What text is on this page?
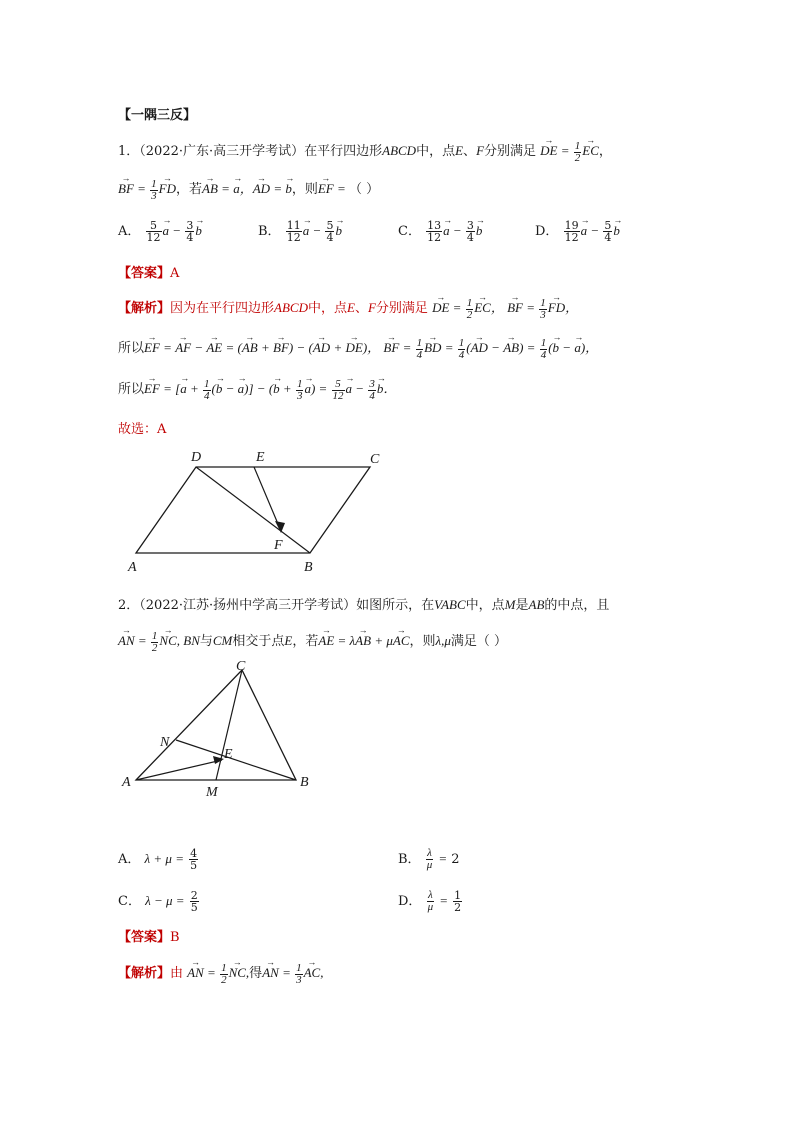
【一隅三反】
1．（2022·广东·高三开学考试）在平行四边形ABCD中，点E、F分别满足 → DE = $\frac{1}{2}$
→ EC，
→ BF = $\frac{1}{3}$
→ FD，若→ AB = → a，→ AD = → b，则→ EF = （ ）
A． $\frac{5}{12}$
→ $a - \frac{3}{4}$
→ b	B． $\frac{11}{12}$
→ $a - \frac{5}{4}$
→ b	C． $\frac{13}{12}$
→ $a - \frac{3}{4}$
→ b	D． $\frac{19}{12}$
→ $a - \frac{5}{4}$
→ b
【答案】A
【解析】因为在平行四边形ABCD中，点E、F分别满足 → DE = $\frac{1}{2}$
→ EC， → BF = $\frac{1}{3}$
→ FD，
所以→ EF = → AF − → AE = (→ AB + → BF) − (→ AD + → DE)， → BF = $\frac{1}{4}$
→ BD = $\frac{1}{4}$ (→ AD − → $AB) = \frac{1}{4}$ (→ b − → a)，
所以→ EF = [→ $a + \frac{1}{4}$ (→ b − → a)] − (→ $b + \frac{1}{3}$
→ $a) = \frac{5}{12}$
→ $a - \frac{3}{4}$
→ b．
故选：A
A	B
C
D	E
F
2．（2022·江苏·扬州中学高三开学考试）如图所示，在VABC中，点M是AB的中点，且
→ AN = $\frac{1}{2}$
→ NC, BN与CM相交于点E，若→ AE = λ→ AB + μ→ AC，则λ,μ满足（ ）
A	B
C
N
E
M
A． $\lambda + \mu = \frac{4}{5}$	B． $\frac{\lambda}{\mu} = 2$
C． $\lambda - \mu = \frac{2}{5}$	D． $\frac{\lambda}{\mu} = \frac{1}{2}$
【答案】B
【解析】由 → AN = $\frac{1}{2}$
→ NC,得→ AN = $\frac{1}{3}$
→ AC,
